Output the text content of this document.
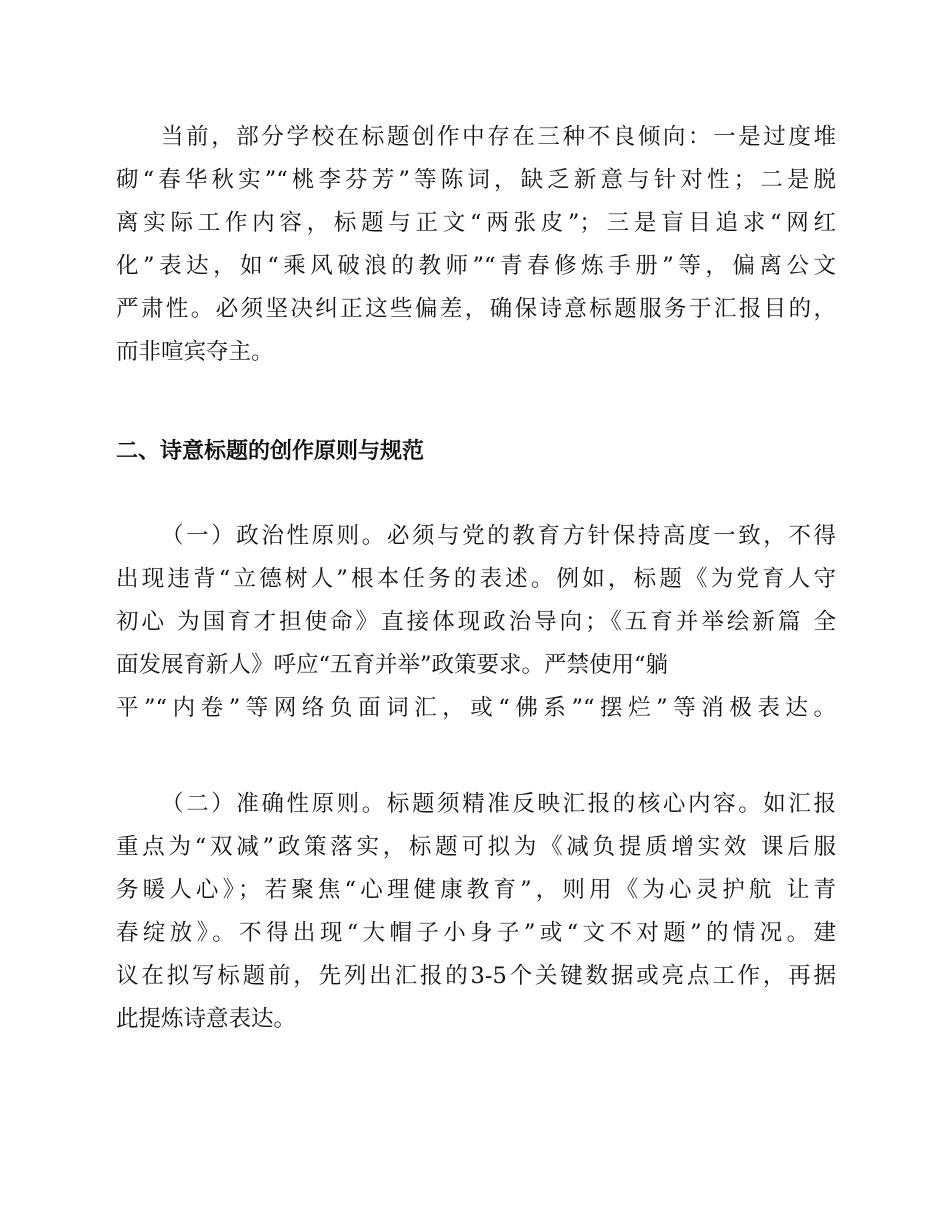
当前，部分学校在标题创作中存在三种不良倾向：一是过度堆
砌“春华秋实”“桃李芬芳”等陈词，缺乏新意与针对性；二是脱
离实际工作内容，标题与正文“两张皮”；三是盲目追求“网红
化”表达，如“乘风破浪的教师”“青春修炼手册”等，偏离公文
严肃性。必须坚决纠正这些偏差，确保诗意标题服务于汇报目的，
而非喧宾夺主。
二、诗意标题的创作原则与规范
（一）政治性原则。必须与党的教育方针保持高度一致，不得
出现违背“立德树人”根本任务的表述。例如，标题《为党育人守
初心 为国育才担使命》直接体现政治导向；《五育并举绘新篇 全
面发展育新人》呼应“五育并举”政策要求。严禁使用“躺
平”“内卷”等网络负面词汇，或“佛系”“摆烂”等消极表达。
（二）准确性原则。标题须精准反映汇报的核心内容。如汇报
重点为“双减”政策落实，标题可拟为《减负提质增实效 课后服
务暖人心》；若聚焦“心理健康教育”，则用《为心灵护航 让青
春绽放》。不得出现“大帽子小身子”或“文不对题”的情况。建
议在拟写标题前，先列出汇报的3-5个关键数据或亮点工作，再据
此提炼诗意表达。
